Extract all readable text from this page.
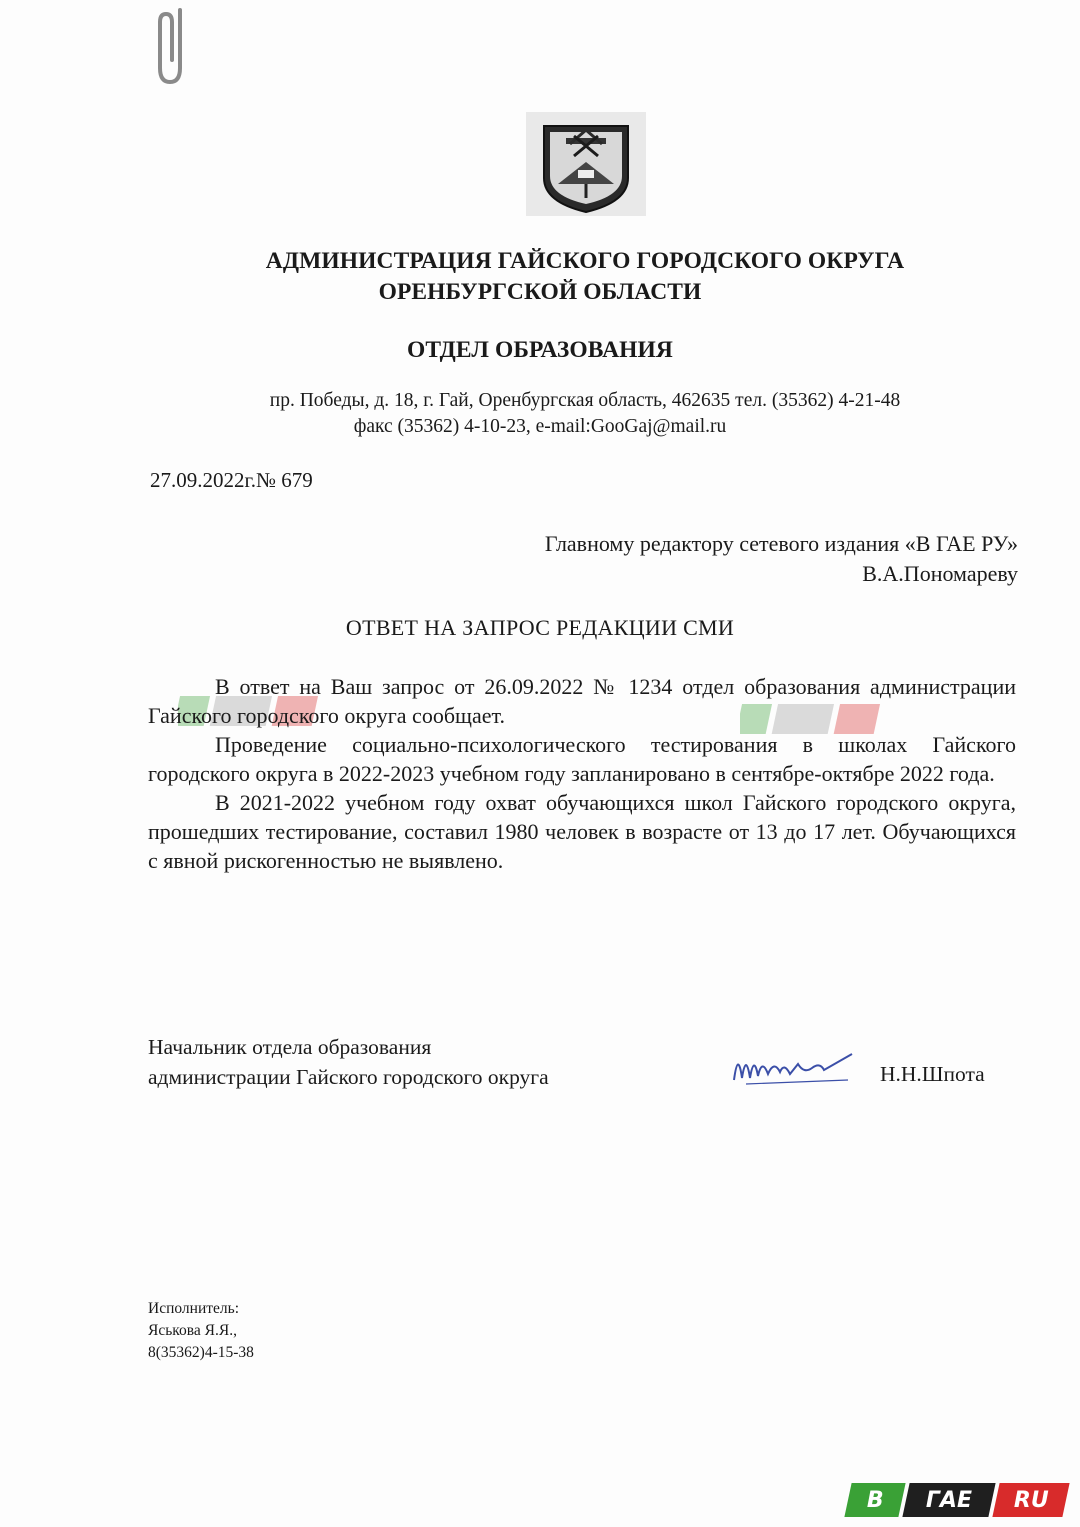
АДМИНИСТРАЦИЯ ГАЙСКОГО ГОРОДСКОГО ОКРУГА
ОРЕНБУРГСКОЙ ОБЛАСТИ
ОТДЕЛ ОБРАЗОВАНИЯ
пр. Победы, д. 18, г. Гай, Оренбургская область, 462635 тел. (35362) 4-21-48
факс (35362) 4-10-23, e-mail:GooGaj@mail.ru
27.09.2022г.№ 679
Главному редактору сетевого издания «В ГАЕ РУ»
В.А.Пономареву
ОТВЕТ НА ЗАПРОС РЕДАКЦИИ СМИ

В ответ на Ваш запрос от 26.09.2022 № 1234 отдел образования администрации Гайского городского округа сообщает.

Проведение социально-психологического тестирования в школах Гайского городского округа в 2022-2023 учебном году запланировано в сентябре-октябре 2022 года.

В 2021-2022 учебном году охват обучающихся школ Гайского городского округа, прошедших тестирование, составил 1980 человек в возрасте от 13 до 17 лет. Обучающихся с явной рискогенностью не выявлено.

Начальник отдела образования
администрации Гайского городского округа	Н.Н.Шпота
Исполнитель:
Яськова Я.Я.,
8(35362)4-15-38
В ГАЕ RU
